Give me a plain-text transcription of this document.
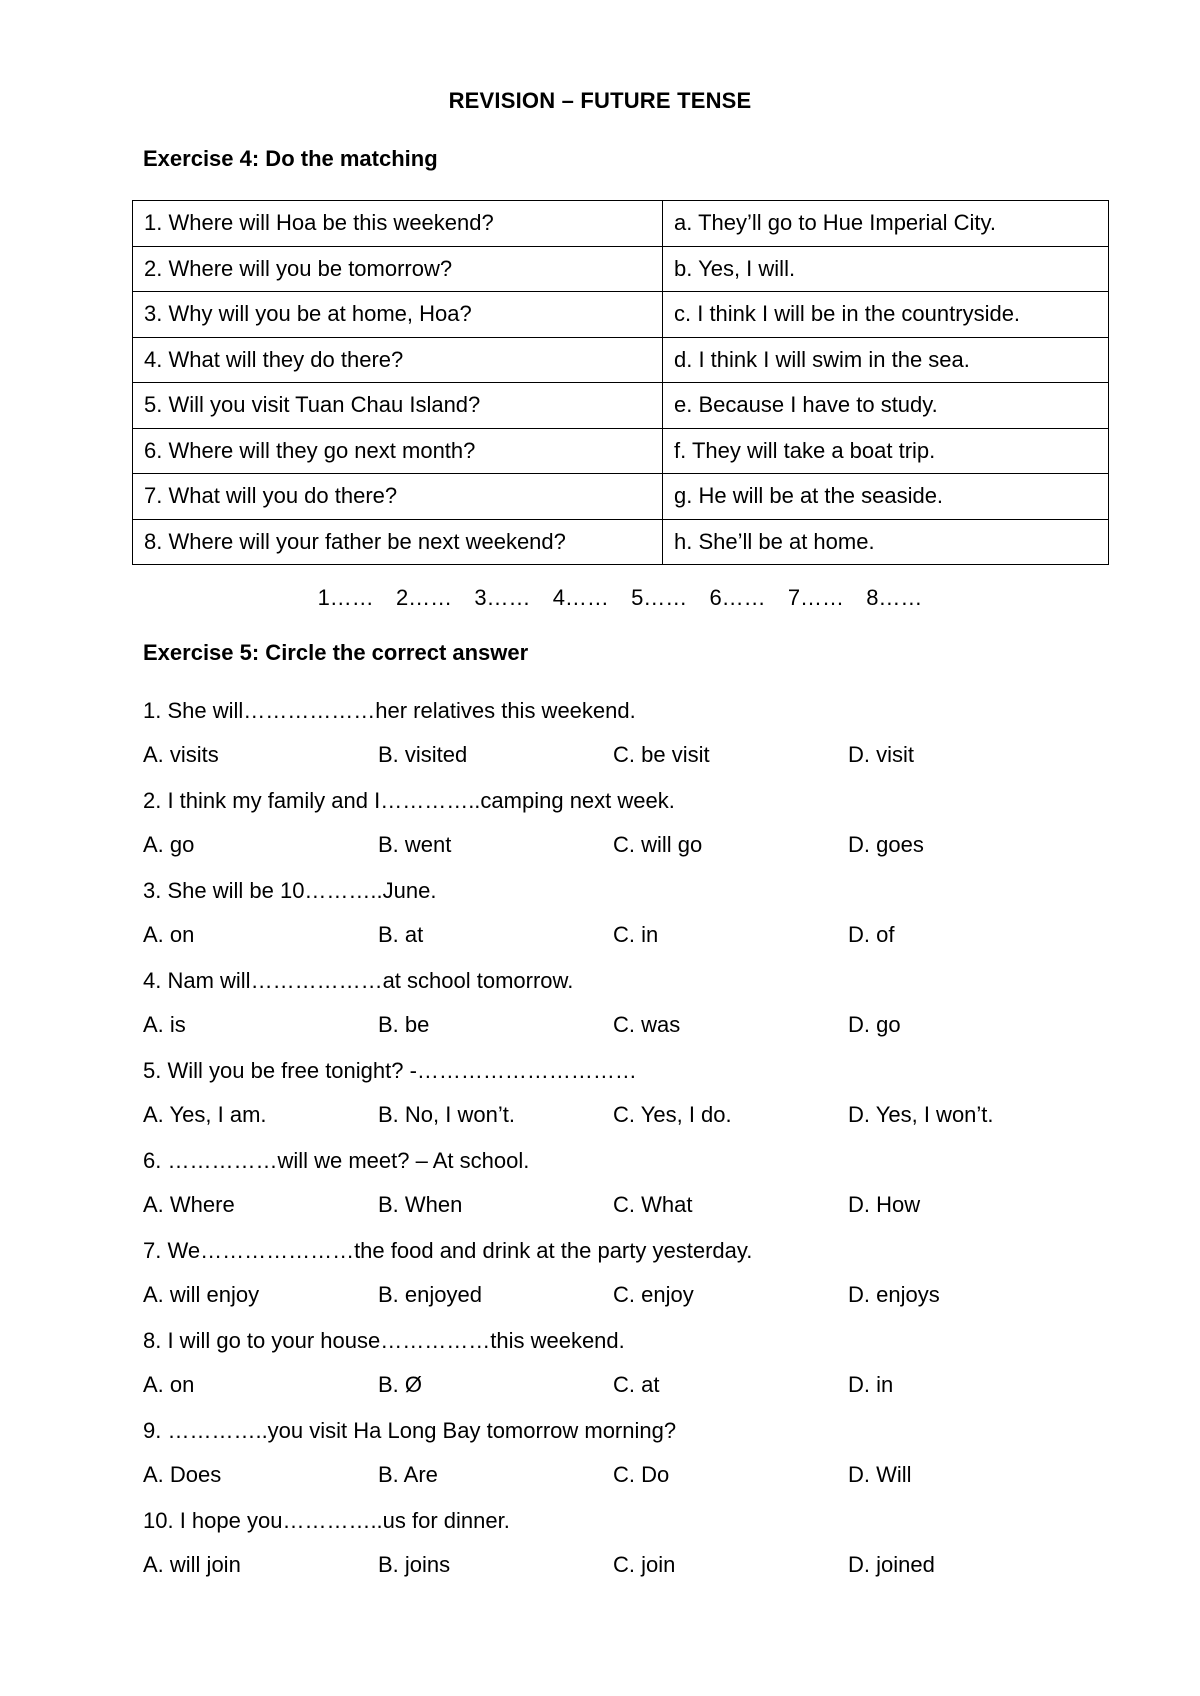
REVISION – FUTURE TENSE
Exercise 4: Do the matching
1. Where will Hoa be this weekend?	a. They’ll go to Hue Imperial City.
2. Where will you be tomorrow?	b. Yes, I will.
3. Why will you be at home, Hoa?	c. I think I will be in the countryside.
4. What will they do there?	d. I think I will swim in the sea.
5. Will you visit Tuan Chau Island?	e. Because I have to study.
6. Where will they go next month?	f. They will take a boat trip.
7. What will you do there?	g. He will be at the seaside.
8. Where will your father be next weekend?	h. She’ll be at home.
1…… 2…… 3…… 4…… 5…… 6…… 7…… 8……
Exercise 5: Circle the correct answer
1. She will………………her relatives this weekend.
A. visits	B. visited	C. be visit	D. visit
2. I think my family and I…………..camping next week.
A. go	B. went	C. will go	D. goes
3. She will be 10………..June.
A. on	B. at	C. in	D. of
4. Nam will………………at school tomorrow.
A. is	B. be	C. was	D. go
5. Will you be free tonight? -…………………………
A. Yes, I am.	B. No, I won’t.	C. Yes, I do.	D. Yes, I won’t.
6. ……………will we meet? – At school.
A. Where	B. When	C. What	D. How
7. We…………………the food and drink at the party yesterday.
A. will enjoy	B. enjoyed	C. enjoy	D. enjoys
8. I will go to your house……………this weekend.
A. on	B. Ø	C. at	D. in
9. …………..you visit Ha Long Bay tomorrow morning?
A. Does	B. Are	C. Do	D. Will
10. I hope you…………..us for dinner.
A. will join	B. joins	C. join	D. joined
